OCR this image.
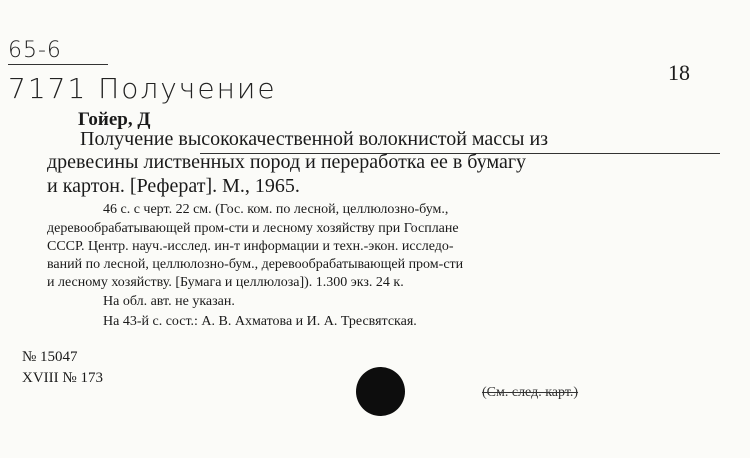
65-6
7171 Получение	18
Гойер, Д
Получение высококачественной волокнистой массы из
древесины лиственных пород и переработка ее в бумагу
и картон. [Реферат]. М., 1965.
46 с. с черт. 22 см. (Гос. ком. по лесной, целлюлозно-бум.,
деревообрабатывающей пром-сти и лесному хозяйству при Госплане
СССР. Центр. науч.-исслед. ин-т информации и техн.-экон. исследо-
ваний по лесной, целлюлозно-бум., деревообрабатывающей пром-сти
и лесному хозяйству. [Бумага и целлюлоза]). 1.300 экз. 24 к.
На обл. авт. не указан.
На 43-й с. сост.: А. В. Ахматова и И. А. Тресвятская.
№ 15047
XVIII № 173
(См. след. карт.)
